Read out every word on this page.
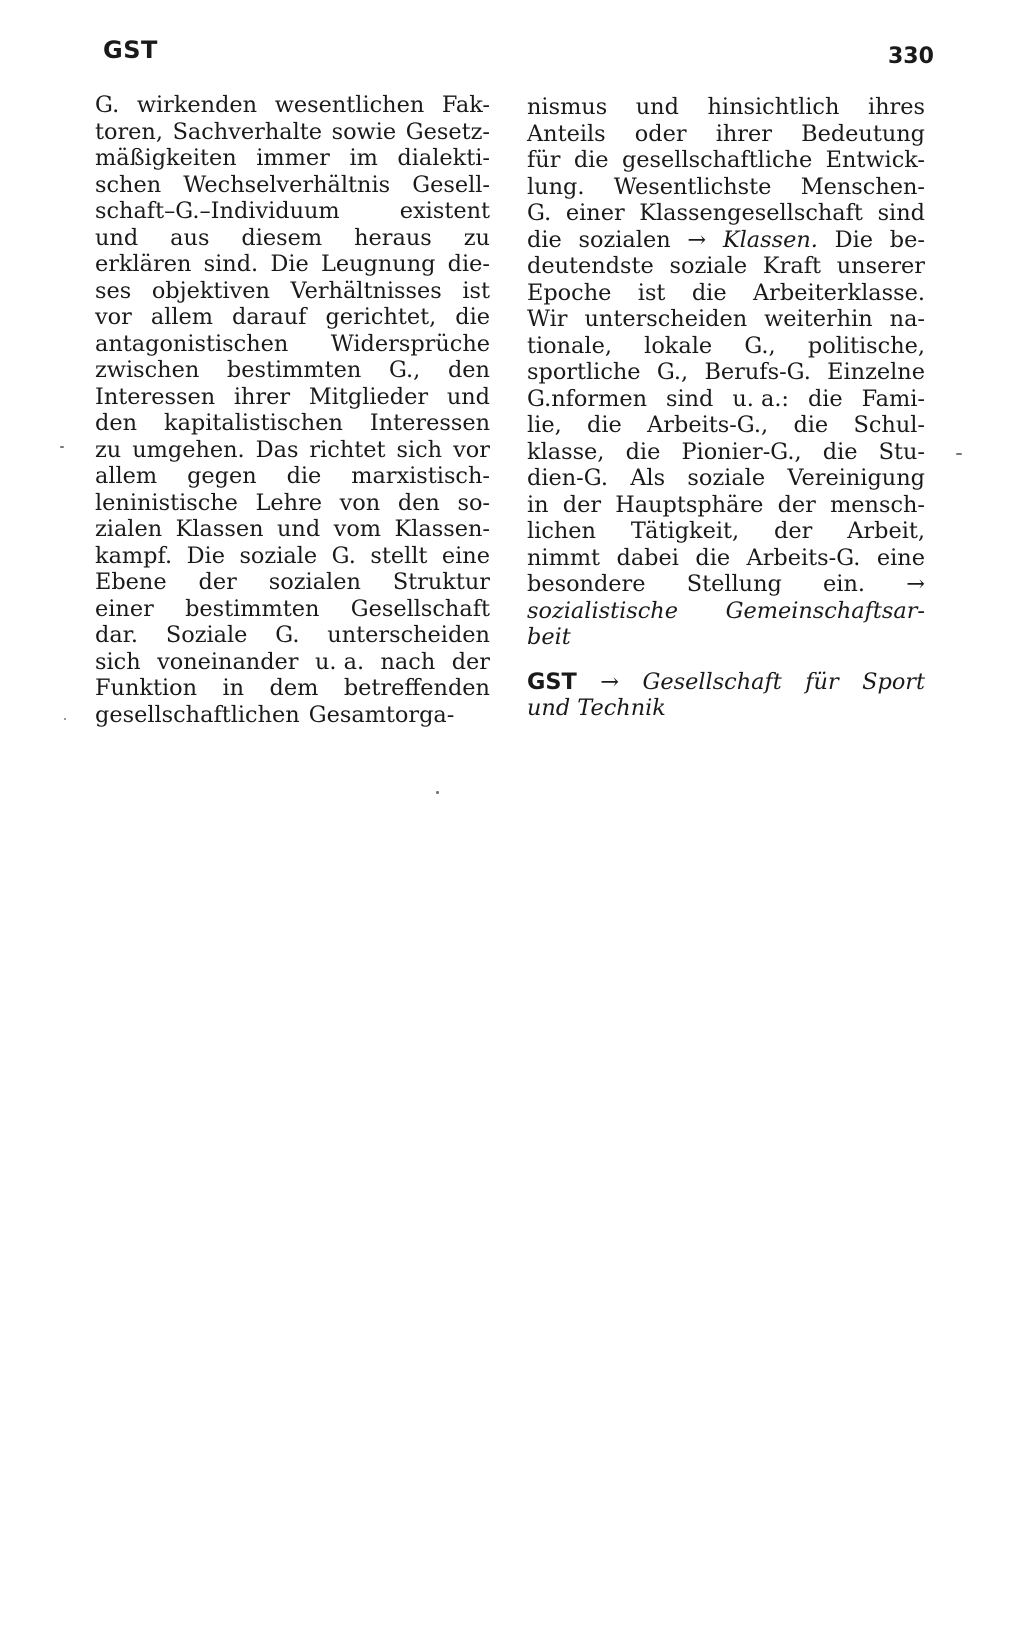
GST	330
G. wirkenden wesentlichen Fak-
toren, Sachverhalte sowie Gesetz-
mäßigkeiten immer im dialekti-
schen Wechselverhältnis Gesell-
schaft–G.–Individuum	existent
und aus diesem heraus zu
erklären sind. Die Leugnung die-
ses objektiven Verhältnisses ist
vor allem darauf gerichtet, die
antagonistischen Widersprüche
zwischen bestimmten G., den
Interessen ihrer Mitglieder und
den kapitalistischen Interessen
zu umgehen. Das richtet sich vor
allem gegen die marxistisch-
leninistische Lehre von den so-
zialen Klassen und vom Klassen-
kampf. Die soziale G. stellt eine
Ebene der sozialen Struktur
einer bestimmten Gesellschaft
dar. Soziale G. unterscheiden
sich voneinander u. a. nach der
Funktion in dem betreffenden
gesellschaftlichen Gesamtorga-
nismus und hinsichtlich ihres
Anteils oder ihrer Bedeutung
für die gesellschaftliche Entwick-
lung. Wesentlichste Menschen-
G. einer Klassengesellschaft sind
die sozialen → Klassen. Die be-
deutendste soziale Kraft unserer
Epoche ist die Arbeiterklasse.
Wir unterscheiden weiterhin na-
tionale, lokale G., politische,
sportliche G., Berufs-G. Einzelne
G.nformen sind u. a.: die Fami-
lie, die Arbeits-G., die Schul-
klasse, die Pionier-G., die Stu-
dien-G. Als soziale Vereinigung
in der Hauptsphäre der mensch-
lichen Tätigkeit, der Arbeit,
nimmt dabei die Arbeits-G. eine
besondere Stellung ein. →
sozialistische Gemeinschaftsar-
beit
GST → Gesellschaft für Sport
und Technik
